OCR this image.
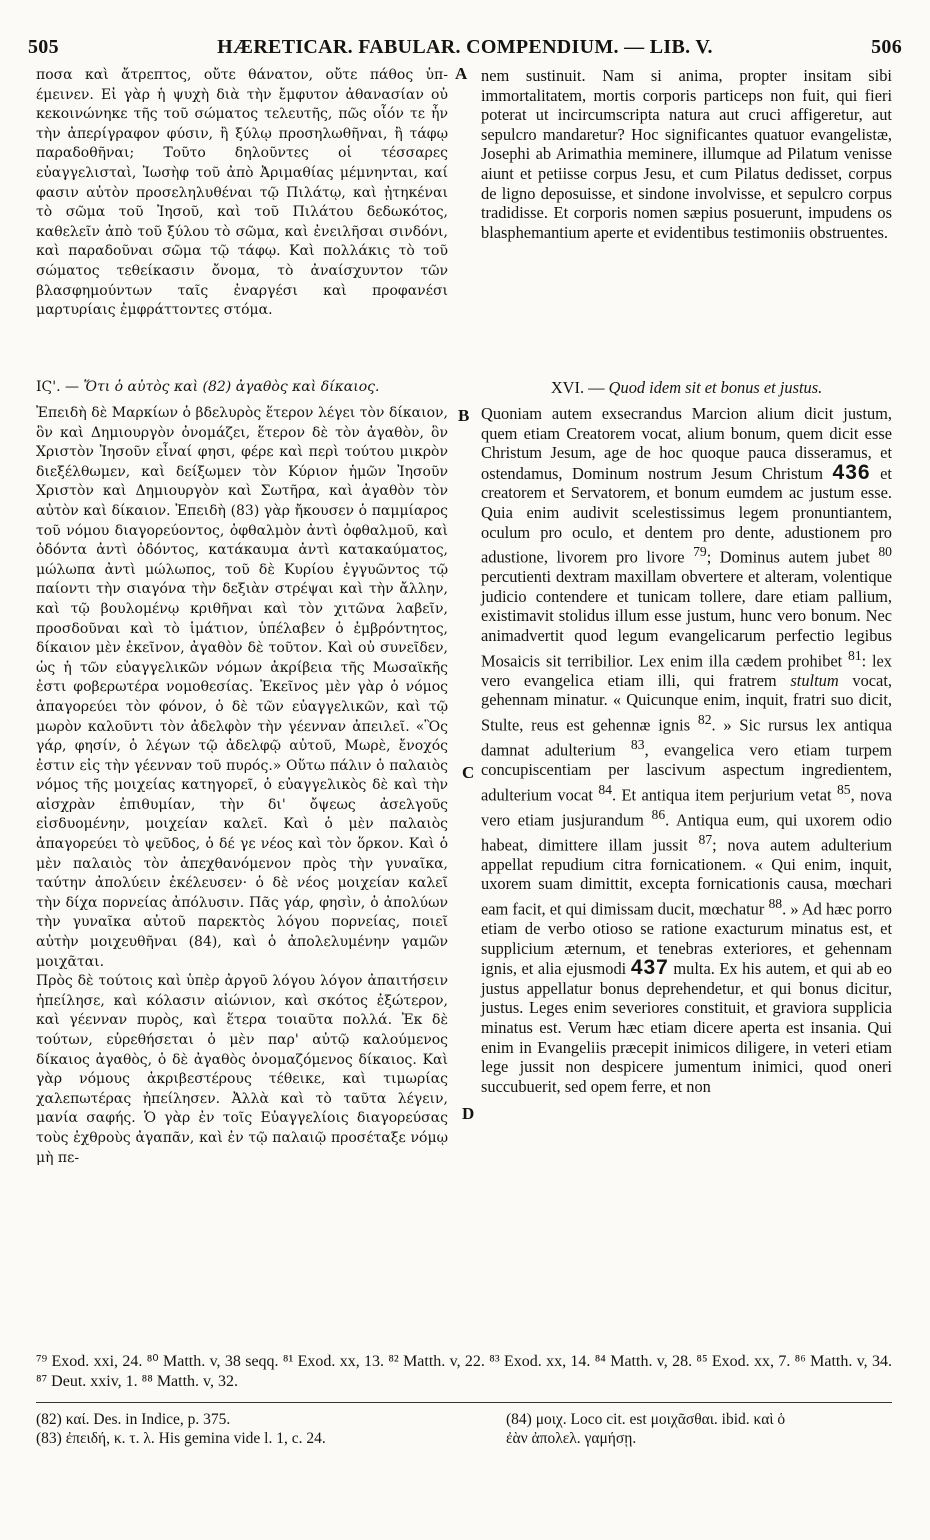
505	HÆRETICAR. FABULAR. COMPENDIUM. — LIB. V.	506

ποσα καὶ ἄτρεπτος, οὔτε θάνατον, οὔτε πάθος ὑπ-έμεινεν. Εἰ γὰρ ἡ ψυχὴ διὰ τὴν ἔμφυτον ἀθανασίαν οὐ κεκοινώνηκε τῆς τοῦ σώματος τελευτῆς, πῶς οἷόν τε ἦν τὴν ἀπερίγραφον φύσιν, ἢ ξύλῳ προσηλωθῆναι, ἢ τάφῳ παραδοθῆναι; Τοῦτο δηλοῦντες οἱ τέσσαρες εὐαγγελισταὶ, Ἰωσὴφ τοῦ ἀπὸ Ἀριμαθίας μέμνηνται, καί φασιν αὐτὸν προσεληλυθέναι τῷ Πιλάτῳ, καὶ ᾐτηκέναι τὸ σῶμα τοῦ Ἰησοῦ, καὶ τοῦ Πιλάτου δεδωκότος, καθελεῖν ἀπὸ τοῦ ξύλου τὸ σῶμα, καὶ ἐνειλῆσαι σινδόνι, καὶ παραδοῦναι σῶμα τῷ τάφῳ. Καὶ πολλάκις τὸ τοῦ σώματος τεθείκασιν ὄνομα, τὸ ἀναίσχυντον τῶν βλασφημούντων ταῖς ἐναργέσι καὶ προφανέσι μαρτυρίαις ἐμφράττοντες στόμα.

A nem sustinuit. Nam si anima, propter insitam sibi immortalitatem, mortis corporis particeps non fuit, qui fieri poterat ut incircumscripta natura aut cruci affigeretur, aut sepulcro mandaretur? Hoc significantes quatuor evangelistæ, Josephi ab Arimathia meminere, illumque ad Pilatum venisse aiunt et petiisse corpus Jesu, et cum Pilatus dedisset, corpus de ligno deposuisse, et sindone involvisse, et sepulcro corpus tradidisse. Et corporis nomen sæpius posuerunt, impudens os blasphemantium aperte et evidentibus testimoniis obstruentes.

ΙϚ'. — Ὅτι ὁ αὐτὸς καὶ (82) ἀγαθὸς καὶ δίκαιος.	XVI. — Quod idem sit et bonus et justus.
B
C
D

Ἐπειδὴ δὲ Μαρκίων ὁ βδελυρὸς ἕτερον λέγει τὸν δίκαιον, ὃν καὶ Δημιουργὸν ὀνομάζει, ἕτερον δὲ τὸν ἀγαθὸν, ὃν Χριστὸν Ἰησοῦν εἶναί φησι, φέρε καὶ περὶ τούτου μικρὸν διεξέλθωμεν, καὶ δείξωμεν τὸν Κύριον ἡμῶν Ἰησοῦν Χριστὸν καὶ Δημιουργὸν καὶ Σωτῆρα, καὶ ἀγαθὸν τὸν αὐτὸν καὶ δίκαιον. Ἐπειδὴ (83) γὰρ ἤκουσεν ὁ παμμίαρος τοῦ νόμου διαγορεύοντος, ὀφθαλμὸν ἀντὶ ὀφθαλμοῦ, καὶ ὀδόντα ἀντὶ ὀδόντος, κατάκαυμα ἀντὶ κατακαύματος, μώλωπα ἀντὶ μώλωπος, τοῦ δὲ Κυρίου ἐγγυῶντος τῷ παίοντι τὴν σιαγόνα τὴν δεξιὰν στρέψαι καὶ τὴν ἄλλην, καὶ τῷ βουλομένῳ κριθῆναι καὶ τὸν χιτῶνα λαβεῖν, προσδοῦναι καὶ τὸ ἱμάτιον, ὑπέλαβεν ὁ ἐμβρόντητος, δίκαιον μὲν ἐκεῖνον, ἀγαθὸν δὲ τοῦτον. Καὶ οὐ συνεῖδεν, ὡς ἡ τῶν εὐαγγελικῶν νόμων ἀκρίβεια τῆς Μωσαϊκῆς ἐστι φοβερωτέρα νομοθεσίας. Ἐκεῖνος μὲν γὰρ ὁ νόμος ἀπαγορεύει τὸν φόνον, ὁ δὲ τῶν εὐαγγελικῶν, καὶ τῷ μωρὸν καλοῦντι τὸν ἀδελφὸν τὴν γέενναν ἀπειλεῖ. «Ὃς γάρ, φησίν, ὁ λέγων τῷ ἀδελφῷ αὐτοῦ, Μωρὲ, ἔνοχός ἐστιν εἰς τὴν γέενναν τοῦ πυρός.» Οὕτω πάλιν ὁ παλαιὸς νόμος τῆς μοιχείας κατηγορεῖ, ὁ εὐαγγελικὸς δὲ καὶ τὴν αἰσχρὰν ἐπιθυμίαν, τὴν δι' ὄψεως ἀσελγοῦς εἰσδυομένην, μοιχείαν καλεῖ. Καὶ ὁ μὲν παλαιὸς ἀπαγορεύει τὸ ψεῦδος, ὁ δέ γε νέος καὶ τὸν ὅρκον. Καὶ ὁ μὲν παλαιὸς τὸν ἀπεχθανόμενον πρὸς τὴν γυναῖκα, ταύτην ἀπολύειν ἐκέλευσεν· ὁ δὲ νέος μοιχείαν καλεῖ τὴν δίχα πορνείας ἀπόλυσιν. Πᾶς γάρ, φησὶν, ὁ ἀπολύων τὴν γυναῖκα αὐτοῦ παρεκτὸς λόγου πορνείας, ποιεῖ αὐτὴν μοιχευθῆναι (84), καὶ ὁ ἀπολελυμένην γαμῶν μοιχᾶται.

Πρὸς δὲ τούτοις καὶ ὑπὲρ ἀργοῦ λόγου λόγον ἀπαιτήσειν ἠπείλησε, καὶ κόλασιν αἰώνιον, καὶ σκότος ἐξώτερον, καὶ γέενναν πυρὸς, καὶ ἕτερα τοιαῦτα πολλά. Ἐκ δὲ τούτων, εὑρεθήσεται ὁ μὲν παρ' αὐτῷ καλούμενος δίκαιος ἀγαθὸς, ὁ δὲ ἀγαθὸς ὀνομαζόμενος δίκαιος. Καὶ γὰρ νόμους ἀκριβεστέρους τέθεικε, καὶ τιμωρίας χαλεπωτέρας ἠπείλησεν. Ἀλλὰ καὶ τὸ ταῦτα λέγειν, μανία σαφής. Ὁ γὰρ ἐν τοῖς Εὐαγγελίοις διαγορεύσας τοὺς ἐχθροὺς ἀγαπᾶν, καὶ ἐν τῷ παλαιῷ προσέταξε νόμῳ μὴ πε-

Quoniam autem exsecrandus Marcion alium dicit justum, quem etiam Creatorem vocat, alium bonum, quem dicit esse Christum Jesum, age de hoc quoque pauca disseramus, et ostendamus, Dominum nostrum Jesum Christum 436 et creatorem et Servatorem, et bonum eumdem ac justum esse. Quia enim audivit scelestissimus legem pronuntiantem, oculum pro oculo, et dentem pro dente, adustionem pro adustione, livorem pro livore $^{79}$; Dominus autem jubet $^{80}$ percutienti dextram maxillam obvertere et alteram, volentique judicio contendere et tunicam tollere, dare etiam pallium, existimavit stolidus illum esse justum, hunc vero bonum. Nec animadvertit quod legum evangelicarum perfectio legibus Mosaicis sit terribilior. Lex enim illa cædem prohibet $^{81}$: lex vero evangelica etiam illi, qui fratrem stultum vocat, gehennam minatur. « Quicunque enim, inquit, fratri suo dicit, Stulte, reus est gehennæ ignis $^{82}$. » Sic rursus lex antiqua damnat adulterium $^{83}$, evangelica vero etiam turpem concupiscentiam per lascivum aspectum ingredientem, adulterium vocat $^{84}$. Et antiqua item perjurium vetat $^{85}$, nova vero etiam jusjurandum $^{86}$. Antiqua eum, qui uxorem odio habeat, dimittere illam jussit $^{87}$; nova autem adulterium appellat repudium citra fornicationem. « Qui enim, inquit, uxorem suam dimittit, excepta fornicationis causa, mœchari eam facit, et qui dimissam ducit, mœchatur $^{88}$. » Ad hæc porro etiam de verbo otioso se ratione exacturum minatus est, et supplicium æternum, et tenebras exteriores, et gehennam ignis, et alia ejusmodi 437 multa. Ex his autem, et qui ab eo justus appellatur bonus deprehendetur, et qui bonus dicitur, justus. Leges enim severiores constituit, et graviora supplicia minatus est. Verum hæc etiam dicere aperta est insania. Qui enim in Evangeliis præcepit inimicos diligere, in veteri etiam lege jussit non despicere jumentum inimici, quod oneri succubuerit, sed opem ferre, et non

⁷⁹ Exod. xxi, 24. ⁸⁰ Matth. v, 38 seqq. ⁸¹ Exod. xx, 13. ⁸² Matth. v, 22. ⁸³ Exod. xx, 14. ⁸⁴ Matth. v, 28. ⁸⁵ Exod. xx, 7. ⁸⁶ Matth. v, 34. ⁸⁷ Deut. xxiv, 1. ⁸⁸ Matth. v, 32.
(82) καί. Des. in Indice, p. 375.
(83) ἐπειδή, κ. τ. λ. His gemina vide l. 1, c. 24.
(84) μοιχ. Loco cit. est μοιχᾶσθαι. ibid. καὶ ὁ
ἐὰν ἀπολελ. γαμήσῃ.
